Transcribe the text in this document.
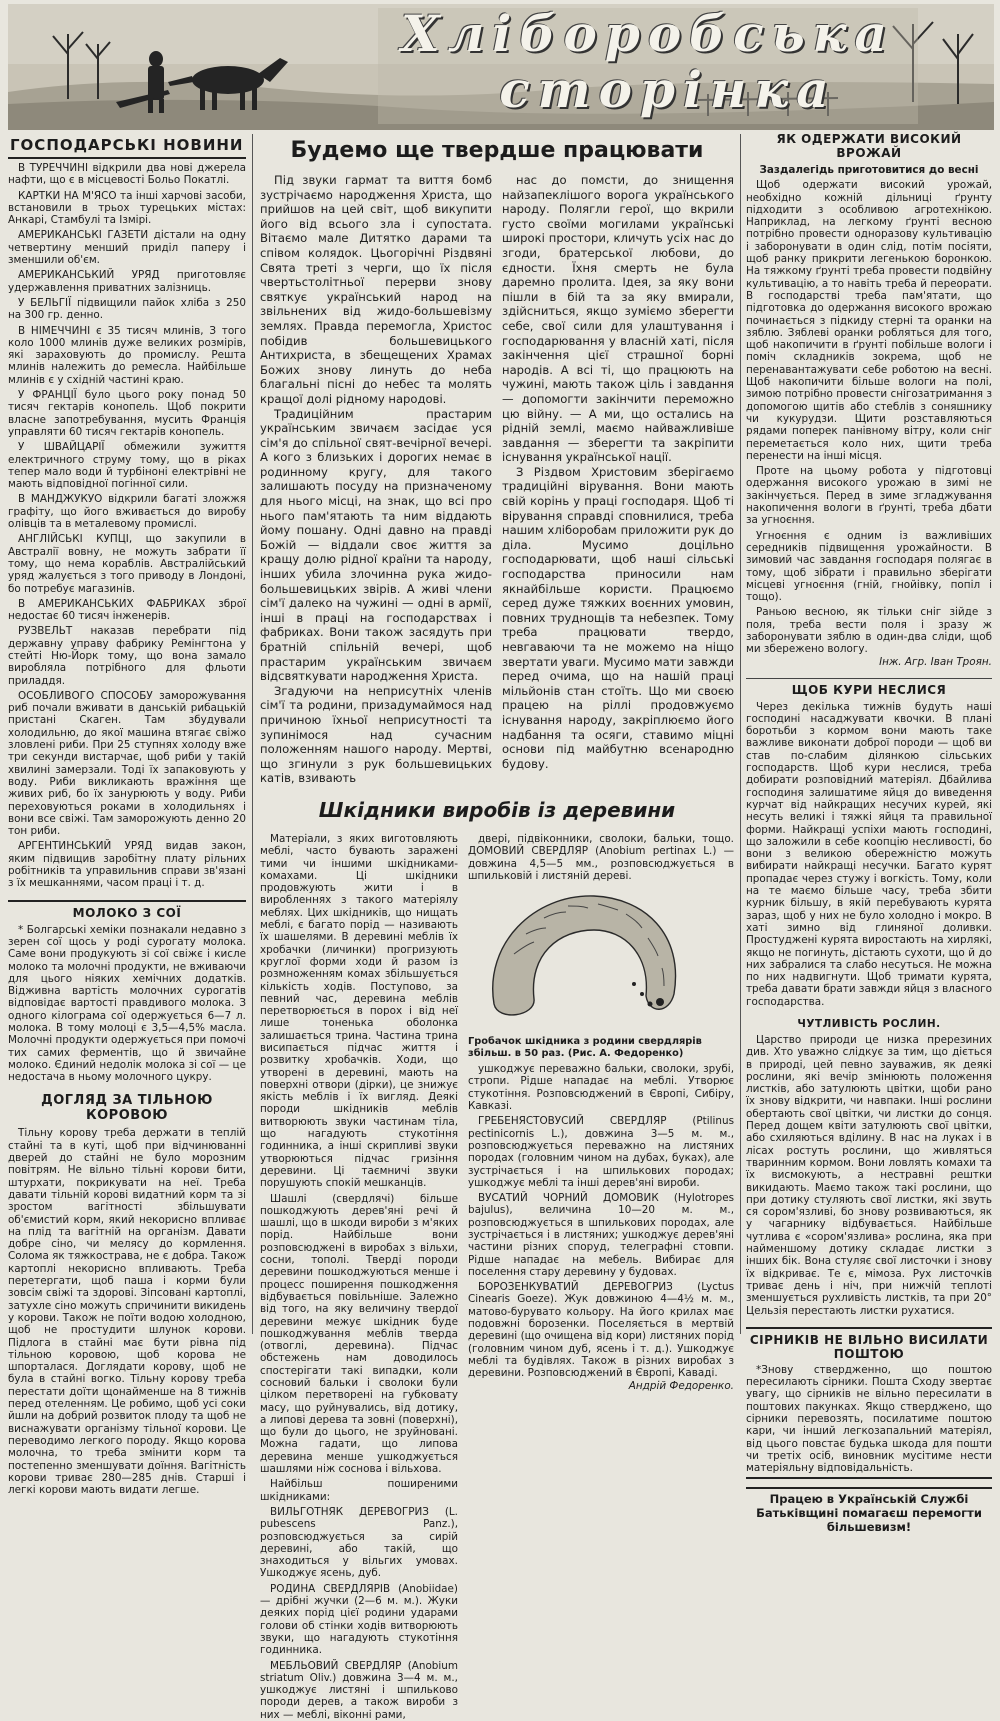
Хліборобська
сторінка
ГОСПОДАРСЬКІ НОВИНИ

В ТУРЕЧЧИНІ відкрили два нові джерела нафти, що є в місцевості Больо Покатлі.

КАРТКИ НА М'ЯСО та інші харчові засоби, встановили в трьох турецьких містах: Анкарі, Стамбулі та Ізмірі.

АМЕРИКАНСЬКІ ГАЗЕТИ дістали на одну четвертину менший приділ паперу і зменшили об'єм.

АМЕРИКАНСЬКИЙ УРЯД приготовляє удержавлення приватних залізниць.

У БЕЛЬГІЇ підвищили пайок хліба з 250 на 300 гр. денно.

В НІМЕЧЧИНІ є 35 тисяч млинів, З того коло 1000 млинів дуже великих розмірів, які зараховують до промислу. Решта млинів належить до ремесла. Найбільше млинів є у східній частині краю.

У ФРАНЦІЇ було цього року понад 50 тисяч гектарів конопель. Щоб покрити власне запотребування, мусить Франція управляти 60 тисяч гектарів конопель.

У ШВАЙЦАРІЇ обмежили зужиття електричного струму тому, що в ріках тепер мало води й турбіноні електрівні не мають відповідної погінної сили.

В МАНДЖУКУО відкрили багаті зложжя графіту, що його вживається до виробу олівців та в металевому промислі.

АНГЛІЙСЬКІ КУПЦІ, що закупили в Австралії вовну, не можуть забрати її тому, що нема кораблів. Австралійський уряд жалується з того приводу в Лондоні, бо потребує магазинів.

В АМЕРИКАНСЬКИХ ФАБРИКАХ зброї недостає 60 тисяч інженерів.

РУЗВЕЛЬТ наказав перебрати під державну управу фабрику Ремінгтона у стейті Ню-Йорк тому, що вона замало виробляла потрібного для фльоти приладдя.

ОСОБЛИВОГО СПОСОБУ заморожування риб почали вживати в данській рибацькій пристані Скаген. Там збудували холодильню, до якої машина втягає свіжо зловлені риби. При 25 ступнях холоду вже три секунди вистарчає, щоб риби у такій хвилині замерзали. Тоді їх запаковують у воду. Риби викликають вражіння ще живих риб, бо їх занурюють у воду. Риби переховуються роками в холодильнях і вони все свіжі. Там заморожують денно 20 тон риби.

АРГЕНТИНСЬКИЙ УРЯД видав закон, яким підвищив заробітну плату рільних робітників та управильнив справи зв'язані з їх мешканнями, часом праці і т. д.

МОЛОКО З СОЇ

* Болгарські хеміки познакали недавно з зерен сої щось у роді сурогату молока. Саме вони продукують зі сої свіжє і кисле молоко та молочні продукти, не вживаючи для цього ніяких хемічних додатків. Відживна вартість молочних сурогатів відповідає вартості правдивого молока. З одного кілограма сої одержується 6—7 л. молока. В тому молоці є 3,5—4,5% масла. Молочні продукти одержується при помочі тих самих ферментів, що й звичайне молоко. Єдиний недолік молока зі сої — це недостача в ньому молочного цукру.

ДОГЛЯД ЗА ТІЛЬНОЮ КОРОВОЮ

Тільну корову треба держати в теплій стайні та в куті, щоб при відчинюванні дверей до стайні не було морозним повітрям. Не вільно тільні корови бити, штурхати, покрикувати на неї. Треба давати тільній корові видатний корм та зі зростом вагітності збільшувати об'ємистий корм, який некорисно впливає на плід та вагітній на організм. Давати добре сіно, чи мелясу до кормлення. Солома як тяжкострава, не є добра. Також картоплі некорисно впливають. Треба перетергати, щоб паша і корми були зовсім свіжі та здорові. Зіпсовані картоплі, затухле сіно можуть спричинити викидень у корови. Також не поїти водою холодною, щоб не простудити шлунок корови. Підлога в стайні має бути рівна під тільною коровою, щоб корова не шпорталася. Доглядати корову, щоб не була в стайні вогко. Тільну корову треба перестати доїти щонайменше на 8 тижнів перед отеленням. Це робимо, щоб усі соки йшли на добрий розвиток плоду та щоб не виснажувати організму тільної корови. Це переводимо легкого породу. Якщо корова молочна, то треба змінити корм та постепенно зменшувати доїння. Вагітність корови триває 280—285 днів. Старші і легкі корови мають видати легше.

Будемо ще твердше працювати

Під звуки гармат та виття бомб зустрічаємо народження Христа, що прийшов на цей світ, щоб викупити його від всього зла і супостата. Вітаємо мале Дитятко дарами та співом колядок. Цьогорічні Різдвяні Свята треті з черги, що їх після чвертьстолітньої перерви знову святкує український народ на звільнених від жидо-большевізму землях. Правда перемогла, Христос побідив большевицького Антихриста, в збещещених Храмах Божих знову линуть до неба благальні пісні до небес та молять кращої долі рідному народові.

Традиційним прастарим українським звичаєм засідає уся сім'я до спільної свят-вечірної вечері. А кого з близьких і дорогих немає в родинному кругу, для такого залишають посуду на призначеному для нього місці, на знак, що всі про нього пам'ятають та ним віддають йому пошану. Одні давно на правді Божій — віддали своє життя за кращу долю рідної країни та народу, інших убила злочинна рука жидо-большевицьких звірів. А живі члени сім'ї далеко на чужині — одні в армії, інші в праці на господарствах і фабриках. Вони також засядуть при братній спільній вечері, щоб прастарим українським звичаєм відсвяткувати народження Христа.

Згадуючи на неприсутніх членів сім'ї та родини, призадумаймося над причиною їхньої неприсутності та зупинімося над сучасним положенням нашого народу. Мертві, що згинули з рук большевицьких катів, взивають

нас до помсти, до знищення найзапеклішого ворога українського народу. Полягли герої, що вкрили густо своїми могилами українські широкі простори, кличуть усіх нас до згоди, братерської любови, до єдности. Їхня смерть не була даремно пролита. Ідея, за яку вони пішли в бій та за яку вмирали, здійсниться, якщо зуміємо зберегти себе, свої сили для улаштування і господарювання у власній хаті, після закінчення цієї страшної борні народів. А всі ті, що працюють на чужині, мають також ціль і завдання — допомогти закінчити переможно цю війну. — А ми, що остались на рідній землі, маємо найважливіше завдання — зберегти та закріпити існування української нації.

З Різдвом Христовим зберігаємо традиційні вірування. Вони мають свій корінь у праці господаря. Щоб ті вірування справді сповнилися, треба нашим хліборобам приложити рук до діла. Мусимо доцільно господарювати, щоб наші сільські господарства приносили нам якнайбільше користи. Працюємо серед дуже тяжких воєнних умовин, повних труднощів та небезпек. Тому треба працювати твердо, невгаваючи та не можемо на ніщо звертати уваги. Мусимо мати завжди перед очима, що на нашій праці мільйонів стан стоїть. Що ми своєю працею на ріллі продовжуємо існування народу, закріплюємо його надбання та осяги, ставимо міцні основи під майбутню всенародню будову.

Шкідники виробів із деревини

Матеріали, з яких виготовляють меблі, часто бувають заражені тими чи іншими шкідниками-комахами. Ці шкідники продовжують жити і в виробленнях з такого матеріялу меблях. Цих шкідників, що нищать меблі, є багато порід — називають їх шашелями. В деревині меблів їх хробачки (личинки) прогризують круглої форми ходи й разом із розмноженням комах збільшується кількість ходів. Поступово, за певний час, деревина меблів перетворюється в порох і від неї лише тоненька оболонка залишається трина. Частина трина висипається підчас життя і розвитку хробачків. Ходи, що утворені в деревині, мають на поверхні отвори (дірки), це знижує якість меблів і їх вигляд. Деякі породи шкідників меблів витворюють звуки частинам тіла, що нагадують стукотіння годинника, а інші скрипливі звуки утворюються підчас гризіння деревини. Ці таємничі звуки порушують спокій мешканців.

Шашлі (свердлячі) більше пошкоджують дерев'яні речі й шашлі, що в шкоди вироби з м'яких порід. Найбільше вони розповсюджені в виробах з вільхи, сосни, тополі. Тверді породи деревини пошкоджуються менше і процесс поширення пошкодження відбувається повільніше. Залежно від того, на яку величину твердої деревини межує шкідник буде пошкоджування меблів тверда (отвоглі, деревина). Підчас обстежень нам доводилось спостерігати такі випадки, коли сосновий бальки і сволоки були цілком перетворені на губковату масу, що руйнувались, від дотику, а липові дерева та зовні (поверхні), що були до цього, не зруйновані. Можна гадати, що липова деревина менше ушкоджується шашлями ніж соснова і вільхова.

Найбільш поширеними шкідниками:

ВИЛЬГОТНЯК ДЕРЕВОГРИЗ (L. pubescens Panz.), розповсюджується за сирій деревині, або такій, що знаходиться у вільгих умовах. Ушкоджує ясень, дуб.

РОДИНА СВЕРДЛЯРІВ (Anobiidae) — дрібні жучки (2—6 м. м.). Жуки деяких порід цієї родини ударами голови об стінки ходів витворюють звуки, що нагадують стукотіння годинника.

МЕБЛЬОВИЙ СВЕРДЛЯР (Anobium striatum Oliv.) довжина 3—4 м. м., ушкоджує листяні і шпильково породи дерев, а також вироби з них — меблі, віконні рами,

двері, підвіконники, сволоки, бальки, тощо. ДОМОВИЙ СВЕРДЛЯР (Anobium pertinax L.) — довжина 4,5—5 мм., розповсюджується в шпильковій і листяній дереві.

Гробачок шкідника з родини свердлярів збільш. в 50 раз. (Рис. А. Федоренко)

ушкоджує переважно бальки, сволоки, зрубі, стропи. Рідше нападає на меблі. Утворює стукотіння. Розповсюджений в Європі, Сибіру, Кавказі.

ГРЕБЕНЯСТОВУСИЙ СВЕРДЛЯР (Ptilinus pectinicornis L.), довжина 3—5 м. м., розповсюджується переважно на листяних породах (головним чином на дубах, буках), але зустрічається і на шпилькових породах; ушкоджує меблі та інші дерев'яні вироби.

ВУСАТИЙ ЧОРНИЙ ДОМОВИК (Hylotropes bajulus), величина 10—20 м. м., розповсюджується в шпилькових породах, але зустрічається і в листяних; ушкоджує дерев'яні частини різних споруд, телеграфні стовпи. Рідше нападає на мебель. Вибирає для поселення стару деревину у будовах.

БОРОЗЕНКУВАТИЙ ДЕРЕВОГРИЗ (Lyctus Cinearis Goeze). Жук довжиною 4—4½ м. м., матово-бурувато кольору. На його крилах має подовжні борозенки. Поселяється в мертвій деревині (що очищена від кори) листяних порід (головним чином дуб, ясень і т. д.). Ушкоджує меблі та будівлях. Також в різних виробах з деревини. Розповсюджений в Європі, Каваді.

Андрій Федоренко.
ЯК ОДЕРЖАТИ ВИСОКИЙ ВРОЖАЙ
Заздалегідь приготовитися до весні

Щоб одержати високий урожай, необхідно кожній дільниці ґрунту підходити з особливою агротехнікою. Наприклад, на легкому ґрунті весною потрібно провести одноразову культивацію і заборонувати в один слід, потім посіяти, щоб ранку прикрити легенькою боронкою. На тяжкому ґрунті треба провести подвійну культивацію, а то навіть треба й переорати. В господарстві треба пам'ятати, що підготовка до одержання високого врожаю починається з підкиду стерні та оранки на зяблю. Зяблеві оранки робляться для того, щоб накопичити в ґрунті побільше вологи і поміч складників зокрема, щоб не перенавантажувати себе роботою на весні. Щоб накопичити більше вологи на полі, зимою потрібно провести снігозатримання з допомогою щитів або стеблів з соняшнику чи кукурудзи. Щити розставляються рядами поперек панівному вітру, коли сніг переметається коло них, щити треба перенести на інші місця.

Проте на цьому робота у підготовці одержання високого урожаю в зимі не закінчується. Перед в зиме згладжування накопичення вологи в ґрунті, треба дбати за угноєння.

Угноєння є одним із важливіших середників підвищення урожайности. В зимовий час завдання господаря полягає в тому, щоб зібрати і правильно зберігати місцеві угноєння (гній, гнойівку, попіл і тощо).

Раньою весною, як тільки сніг зійде з поля, треба вести поля і зразу ж заборонувати зяблю в один-два сліди, щоб ми збережено вологу.

Інж. Агр. Іван Троян.
ЩОБ КУРИ НЕСЛИСЯ

Через декілька тижнів будуть наші господині насаджувати квочки. В плані боротьби з кормом вони мають таке важливе виконати доброї породи — щоб ви став по-слабим ділянкою сільських господарств. Щоб кури неслися, треба добирати розповідний матеріял. Дбайлива господиня залишатиме яйця до виведення курчат від найкращих несучих курей, які несуть великі і тяжкі яйця та правильної форми. Найкращі успіхи мають господині, що заложили в себе коопцію несливості, бо вони з великою обережністю можуть вибирати найкращі несучки. Багато курят пропадає через стужу і вогкість. Тому, коли на те маємо більше часу, треба збити курник більшу, в якій перебувають курята зараз, щоб у них не було холодно і мокро. В хаті зимно від глиняної доливки. Простуджені курята виростають на хирлякі, якщо не погинуть, дістають сухоти, що й до них забралися та слабо несуться. Не можна по них надвигнути. Щоб тримати курята, треба давати брати завжди яйця з власного господарства.

ЧУТЛИВІСТЬ РОСЛИН.

Царство природи це низка пререзиних див. Хто уважно слідкує за тим, що діється в природі, цей певно зауважив, як деякі рослини, які вечір змінюють положення листків, або затулюють цвітки, щоби рано їх знову відкрити, чи навпаки. Інші рослини обертають свої цвітки, чи листки до сонця. Перед дощем квіти затулюють свої цвітки, або схиляються вділину. В нас на луках і в лісах ростуть рослини, що живляться тваринним кормом. Вони ловлять комахи та їх висмокують, а нестравні рештки викидають. Маємо також такі рослини, що при дотику стуляють свої листки, які звуть ся сором'язливі, бо знову розвиваються, як у чагарнику відбувається. Найбільше чутлива є «сором'язлива» рослина, яка при найменшому дотику складає листки з інших бік. Вона стуляє свої листочки і знову їх відкриває. Те є, мімоза. Рух листочків триває день і ніч, при нижчій теплоті зменшується рухливість листків, та при 20° Цельзія перестають листки рухатися.

СІРНИКІВ НЕ ВІЛЬНО ВИСИЛАТИ ПОШТОЮ

*Знову ствердженно, що поштою пересилають сірники. Пошта Сходу звертає увагу, що сірників не вільно пересилати в поштових пакунках. Якщо стверджено, що сірники перевозять, посилатиме поштою кари, чи інший легкозапальний матеріял, від цього повстає будька шкода для пошти чи третіх осіб, виновник мусітиме нести матеріяльну відповідальність.

Працею в Українській Службі Батьківщині помагаєш перемогти більшевизм!
